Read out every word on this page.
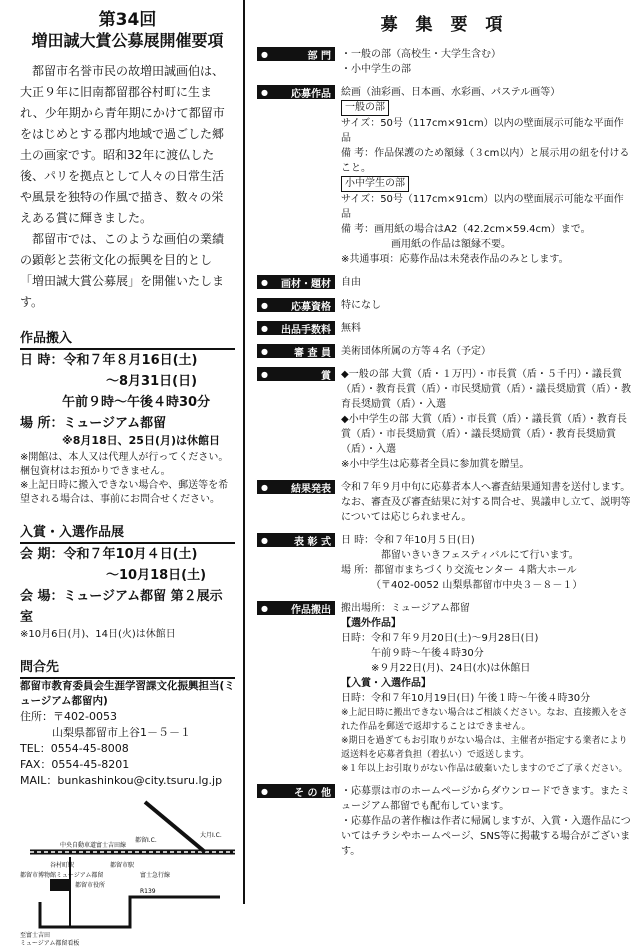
第34回
増田誠大賞公募展開催要項

都留市名誉市民の故増田誠画伯は、大正９年に旧南都留郡谷村町に生まれ、少年期から青年期にかけて都留市をはじめとする郡内地域で過ごした郷土の画家です。昭和32年に渡仏した後、パリを拠点として人々の日常生活や風景を独特の作風で描き、数々の栄えある賞に輝きました。

都留市では、このような画伯の業績の顕彰と芸術文化の振興を目的とし「増田誠大賞公募展」を開催いたします。

作品搬入
日 時：令和７年８月16日(土)
～8月31日(日)
午前９時～午後４時30分
場 所：ミュージアム都留
※8月18日、25日(月)は休館日
※開館は、本人又は代理人が行ってください。梱包資材はお預かりできません。
※上記日時に搬入できない場合や、郵送等を希望される場合は、事前にお問合せください。
入賞・入選作品展
会 期：令和７年10月４日(土)
～10月18日(土)
会 場：ミュージアム都留 第２展示室
※10月6日(月)、14日(火)は休館日
問合先
都留市教育委員会生涯学習課文化振興担当(ミュージアム都留内)
住所：〒402-0053
山梨県都留市上谷1－５－１
TEL：0554-45-8008
FAX：0554-45-8201
MAIL：bunkashinkou@city.tsuru.lg.jp
中央自動車道富士吉田線
都留I.C.
大月I.C.
谷村町駅	都留市駅
富士急行線
都留市博物館ミュージアム都留
都留市役所
R139
至富士吉田
ミュージアム都留看板
募 集 要 項
●	部 門 ・一般の部（高校生・大学生含む）
・小中学生の部
● 応募作品 絵画（油彩画、日本画、水彩画、パステル画等）
一般の部
サイズ：50号（117cm×91cm）以内の壁面展示可能な平面作品
備 考：作品保護のため額縁（３cm以内）と展示用の紐を付けること。
小中学生の部
サイズ：50号（117cm×91cm）以内の壁面展示可能な平面作品
備 考：画用紙の場合はA2（42.2cm×59.4cm）まで。
画用紙の作品は額縁不要。
※共通事項：応募作品は未発表作品のみとします。
● 画材・題材 自由
● 応募資格 特になし
● 出品手数料 無料
●	審 査 員 美術団体所属の方等４名（予定）
●	賞 ◆一般の部 大賞（盾・１万円）・市長賞（盾・５千円）・議長賞（盾）・教育長賞（盾）・市民奨励賞（盾）・議長奨励賞（盾）・教育長奨励賞（盾）・入選
◆小中学生の部 大賞（盾）・市長賞（盾）・議長賞（盾）・教育長賞（盾）・市長奨励賞（盾）・議長奨励賞（盾）・教育長奨励賞（盾）・入選
※小中学生は応募者全員に参加賞を贈呈。
● 結果発表 令和７年９月中旬に応募者本人へ審査結果通知書を送付します。なお、審査及び審査結果に対する問合せ、異議申し立て、説明等については応じられません。
●	表 彰 式 日 時：令和７年10月５日(日)
都留いきいきフェスティバルにて行います。
場 所：都留市まちづくり交流センター ４階大ホール
（〒402-0052 山梨県都留市中央３－８－１）
● 作品搬出 搬出場所：ミュージアム都留
【選外作品】
日時：令和７年９月20日(土)～9月28日(日)
午前９時～午後４時30分
※９月22日(月)、24日(水)は休館日
【入賞・入選作品】
日時：令和７年10月19日(日) 午後１時～午後４時30分
※上記日時に搬出できない場合はご相談ください。なお、直接搬入をされた作品を郵送で返却することはできません。
※期日を過ぎてもお引取りがない場合は、主催者が指定する業者により返送料を応募者負担（着払い）で返送します。
※１年以上お引取りがない作品は破棄いたしますのでご了承ください。
●	そ の 他 ・応募票は市のホームページからダウンロードできます。またミュージアム都留でも配布しています。
・応募作品の著作権は作者に帰属しますが、入賞・入選作品についてはチラシやホームページ、SNS等に掲載する場合がございます。
